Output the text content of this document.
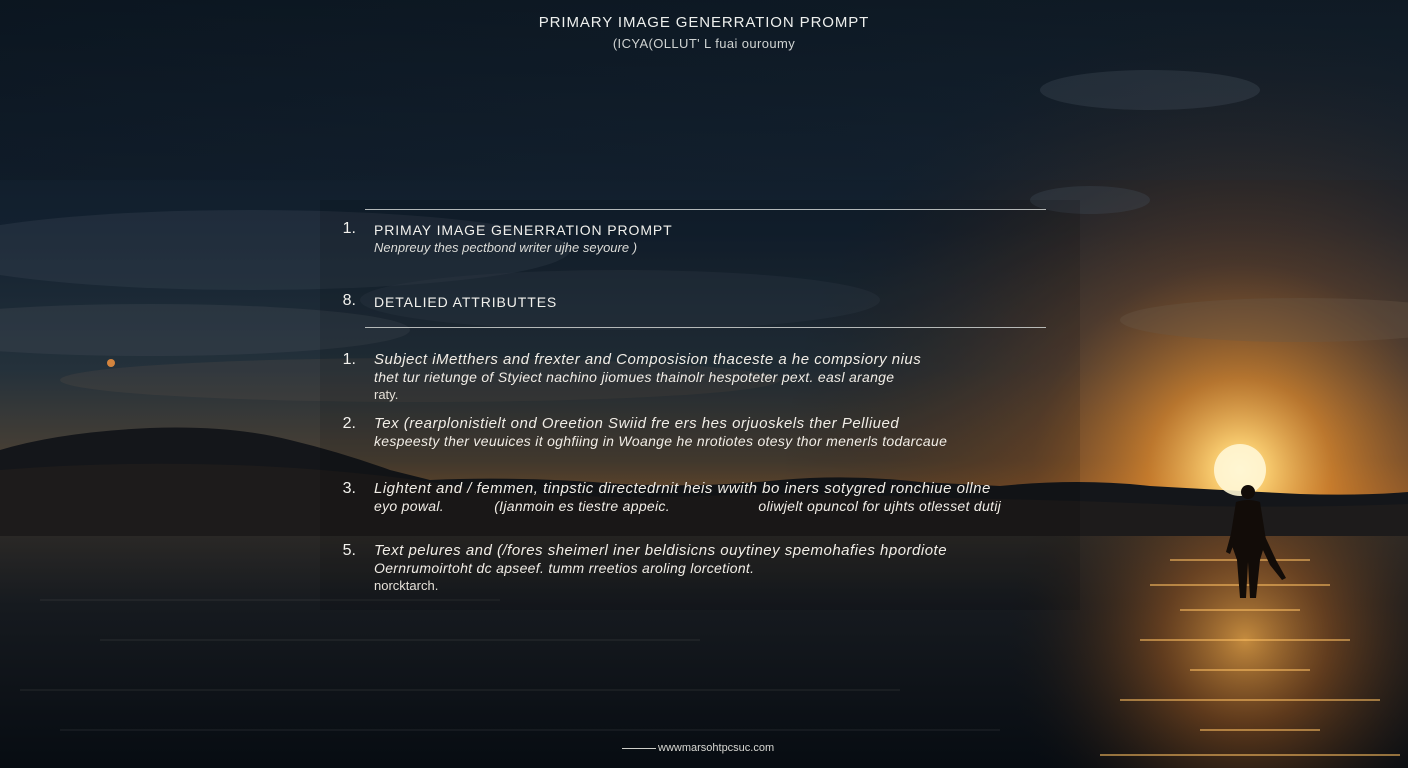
PRIMARY IMAGE GENERRATION PROMPT
(ICYA(OLLUT' L fuai ouroumy
1. PRIMAY IMAGE GENERRATION PROMPT
Nenpreuy thes pectbond writer ujhe seyoure )
8. DETALIED ATTRIBUTTES
1. Subject iMetthers and frexter and Composision thaceste a he compsiory nius
thet tur rietunge of Styiect nachino jiomues thainolr hespoteter pext. easl arange
raty.
2. Tex (rearplonistielt ond Oreetion Swiid fre ers hes orjuoskels ther Pelliued
kespeesty ther veuuices it oghfiing in Woange he nrotiotes otesy thor menerls todarcaue
3. Lightent and / femmen, tinpstic directedrnit heis wwith bo iners sotygred ronchiue ollne
eyo powal.	(Ijanmoin es tiestre appeic.	oliwjelt opuncol for ujhts otlesset dutij
5. Text pelures and (/fores sheimerl iner beldisicns ouytiney spemohafies hpordiote
Oernrumoirtoht dc apseef. tumm rreetios aroling lorcetiont.
norcktarch.
wwwmarsohtpcsuc.com
